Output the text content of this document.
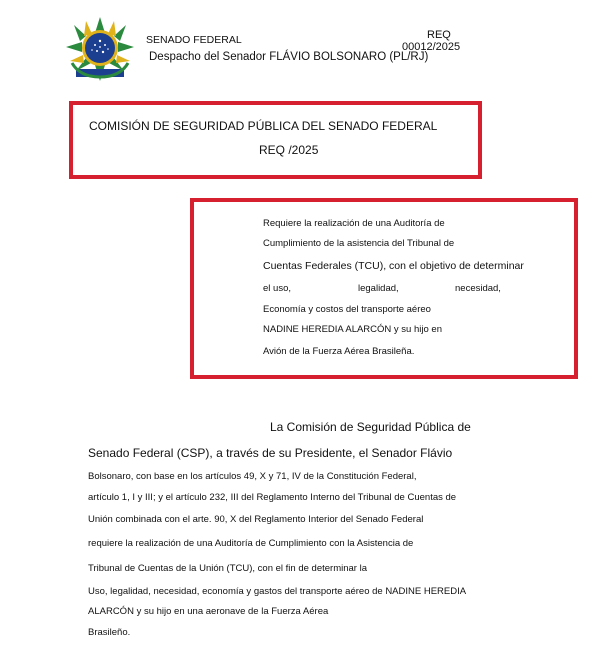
SENADO FEDERAL
Despacho del Senador FLÁVIO BOLSONARO (PL/RJ)
REQ
00012/2025
COMISIÓN DE SEGURIDAD PÚBLICA DEL SENADO FEDERAL
REQ /2025
Requiere la realización de una Auditoría de
Cumplimiento de la asistencia del Tribunal de
Cuentas Federales (TCU), con el objetivo de determinar
el uso,	legalidad,	necesidad,
Economía y costos del transporte aéreo
NADINE HEREDIA ALARCÓN y su hijo en
Avión de la Fuerza Aérea Brasileña.
La Comisión de Seguridad Pública de
Senado Federal (CSP), a través de su Presidente, el Senador Flávio
Bolsonaro, con base en los artículos 49, X y 71, IV de la Constitución Federal,
artículo 1, I y III; y el artículo 232, III del Reglamento Interno del Tribunal de Cuentas de
Unión combinada con el arte. 90, X del Reglamento Interior del Senado Federal
requiere la realización de una Auditoría de Cumplimiento con la Asistencia de
Tribunal de Cuentas de la Unión (TCU), con el fin de determinar la
Uso, legalidad, necesidad, economía y gastos del transporte aéreo de NADINE HEREDIA
ALARCÓN y su hijo en una aeronave de la Fuerza Aérea
Brasileño.
